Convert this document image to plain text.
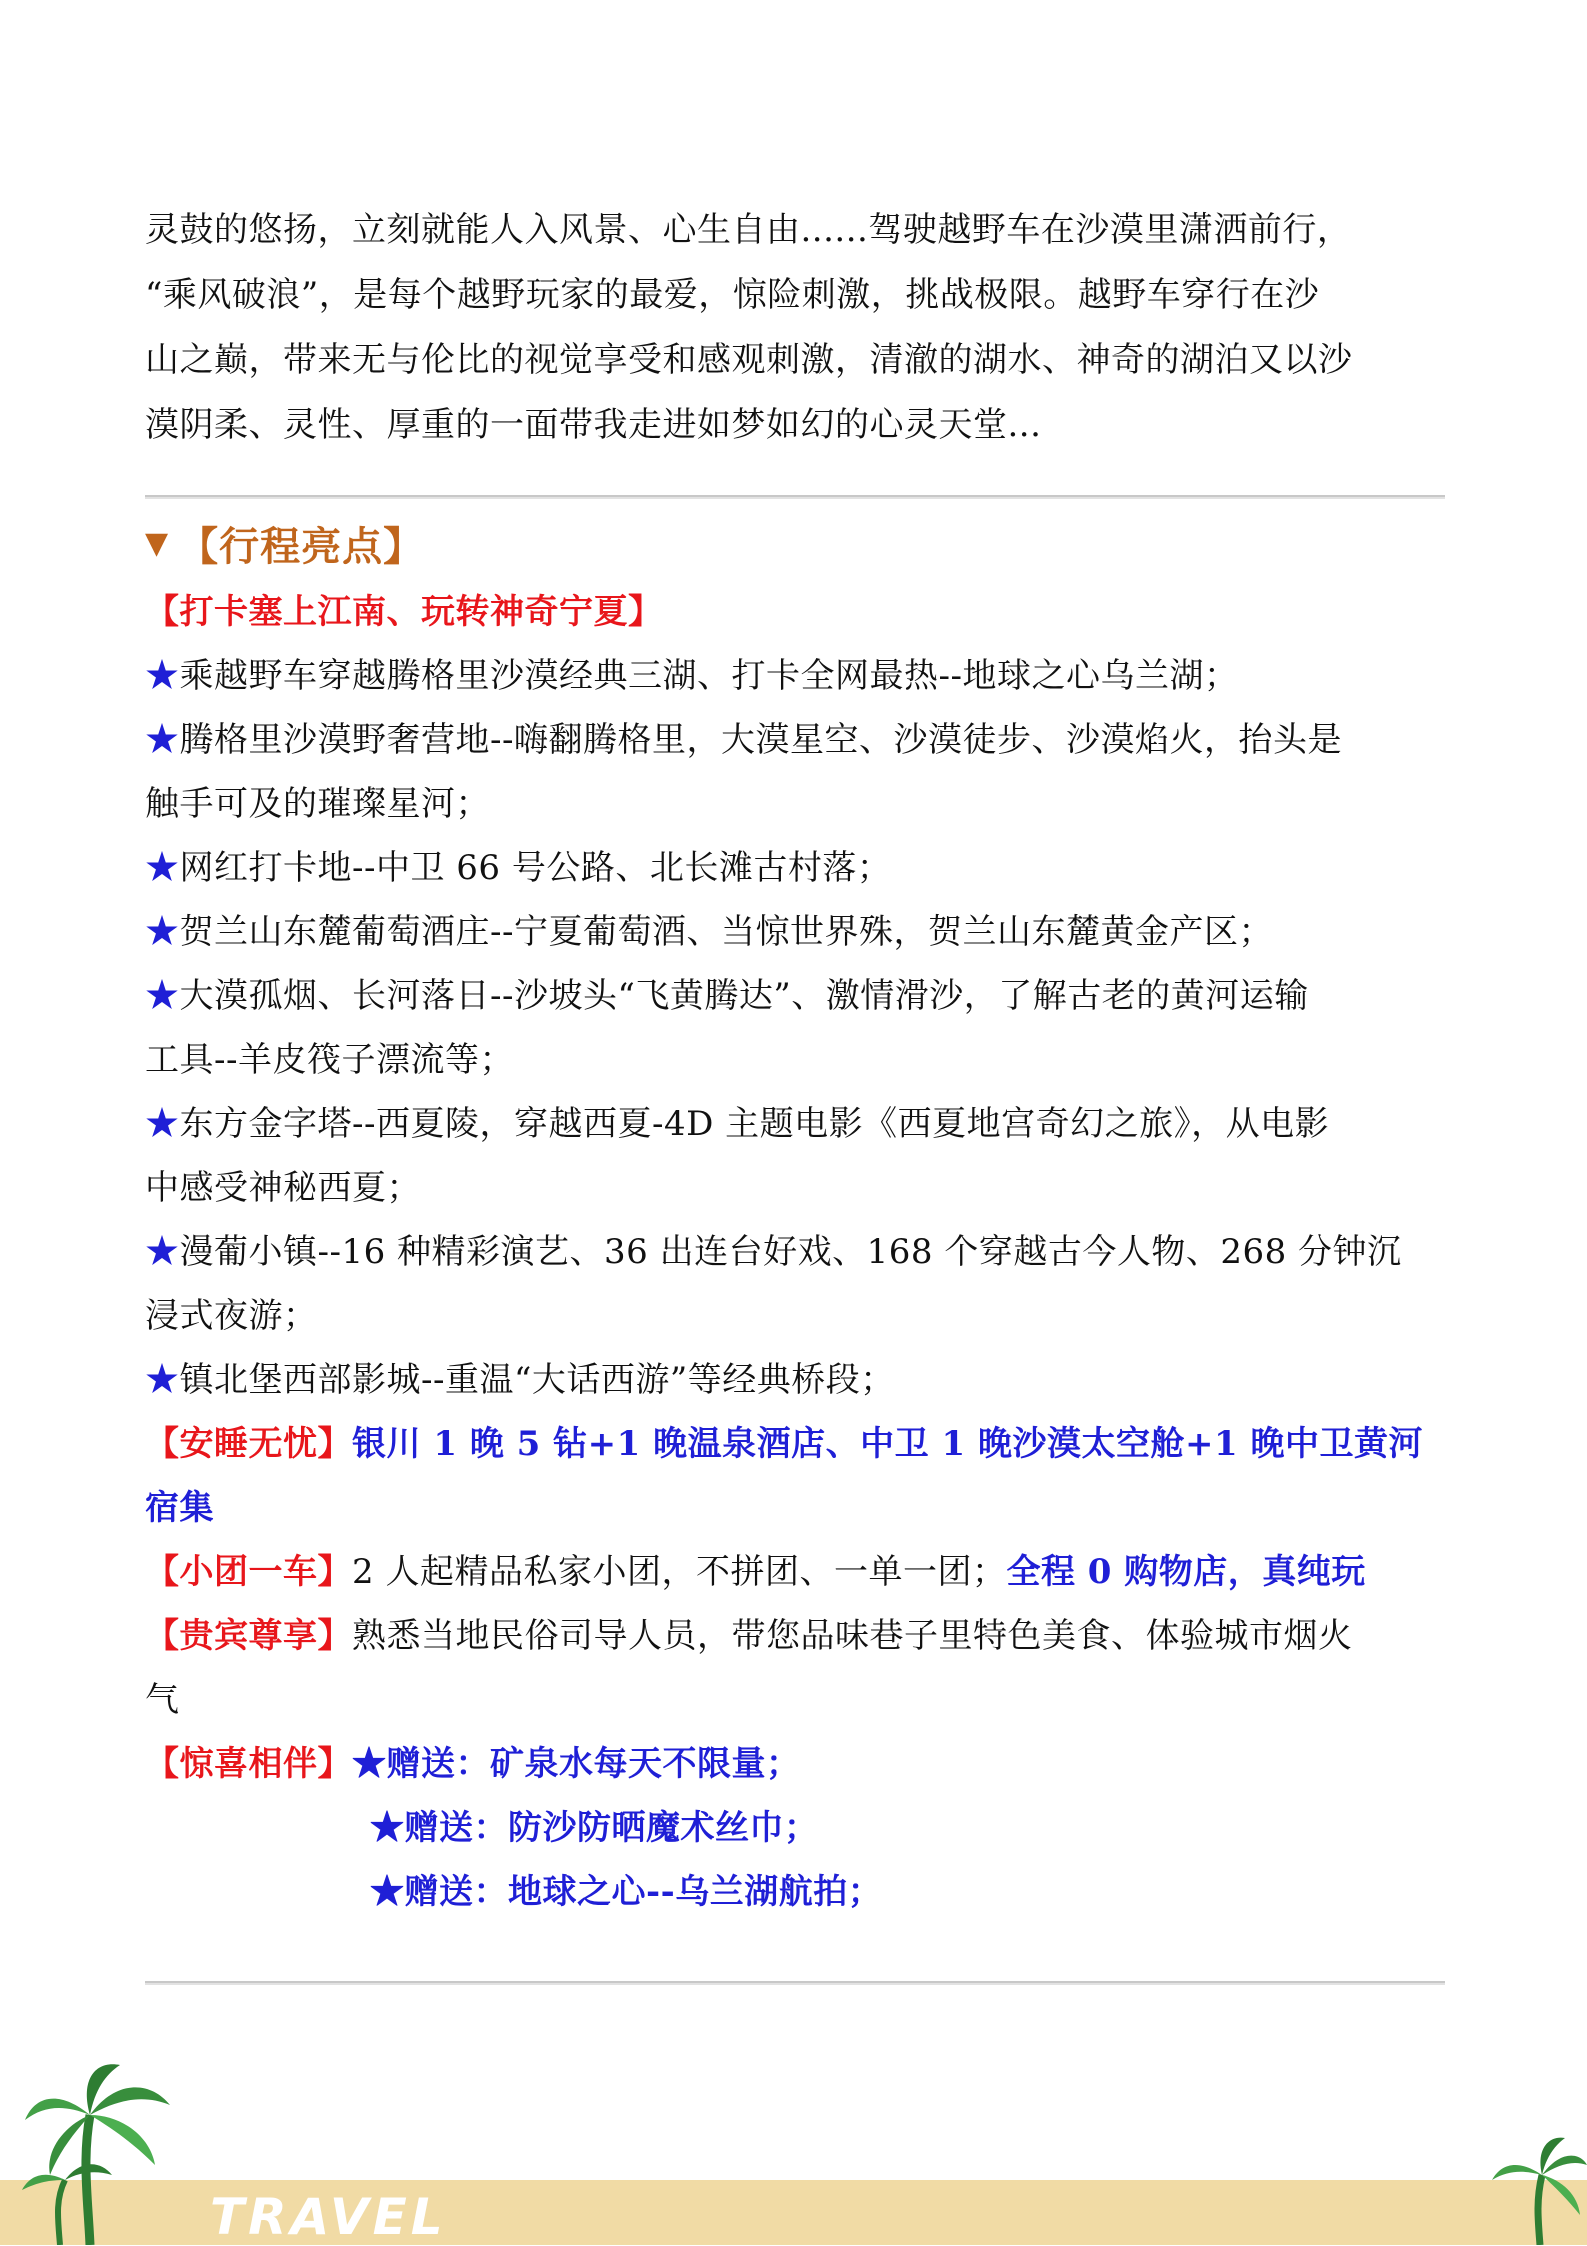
灵鼓的悠扬，立刻就能人入风景、心生自由......驾驶越野车在沙漠里潇洒前行，
“乘风破浪”，是每个越野玩家的最爱，惊险刺激，挑战极限。越野车穿行在沙
山之巅，带来无与伦比的视觉享受和感观刺激，清澈的湖水、神奇的湖泊又以沙
漠阴柔、灵性、厚重的一面带我走进如梦如幻的心灵天堂...
▼ 【行程亮点】
【打卡塞上江南、玩转神奇宁夏】
★乘越野车穿越腾格里沙漠经典三湖、打卡全网最热--地球之心乌兰湖；
★腾格里沙漠野奢营地--嗨翻腾格里，大漠星空、沙漠徒步、沙漠焰火，抬头是
触手可及的璀璨星河；
★网红打卡地--中卫 66 号公路、北长滩古村落；
★贺兰山东麓葡萄酒庄--宁夏葡萄酒、当惊世界殊，贺兰山东麓黄金产区；
★大漠孤烟、长河落日--沙坡头“飞黄腾达”、激情滑沙，了解古老的黄河运输
工具--羊皮筏子漂流等；
★东方金字塔--西夏陵，穿越西夏-4D 主题电影《西夏地宫奇幻之旅》，从电影
中感受神秘西夏；
★漫葡小镇--16 种精彩演艺、36 出连台好戏、168 个穿越古今人物、268 分钟沉
浸式夜游；
★镇北堡西部影城--重温“大话西游”等经典桥段；
【安睡无忧】银川 1 晚 5 钻+1 晚温泉酒店、中卫 1 晚沙漠太空舱+1 晚中卫黄河
宿集
【小团一车】2 人起精品私家小团，不拼团、一单一团；全程 0 购物店，真纯玩
【贵宾尊享】熟悉当地民俗司导人员，带您品味巷子里特色美食、体验城市烟火
气
【惊喜相伴】★赠送：矿泉水每天不限量；
★赠送：防沙防晒魔术丝巾；
★赠送：地球之心--乌兰湖航拍；
TRAVEL
